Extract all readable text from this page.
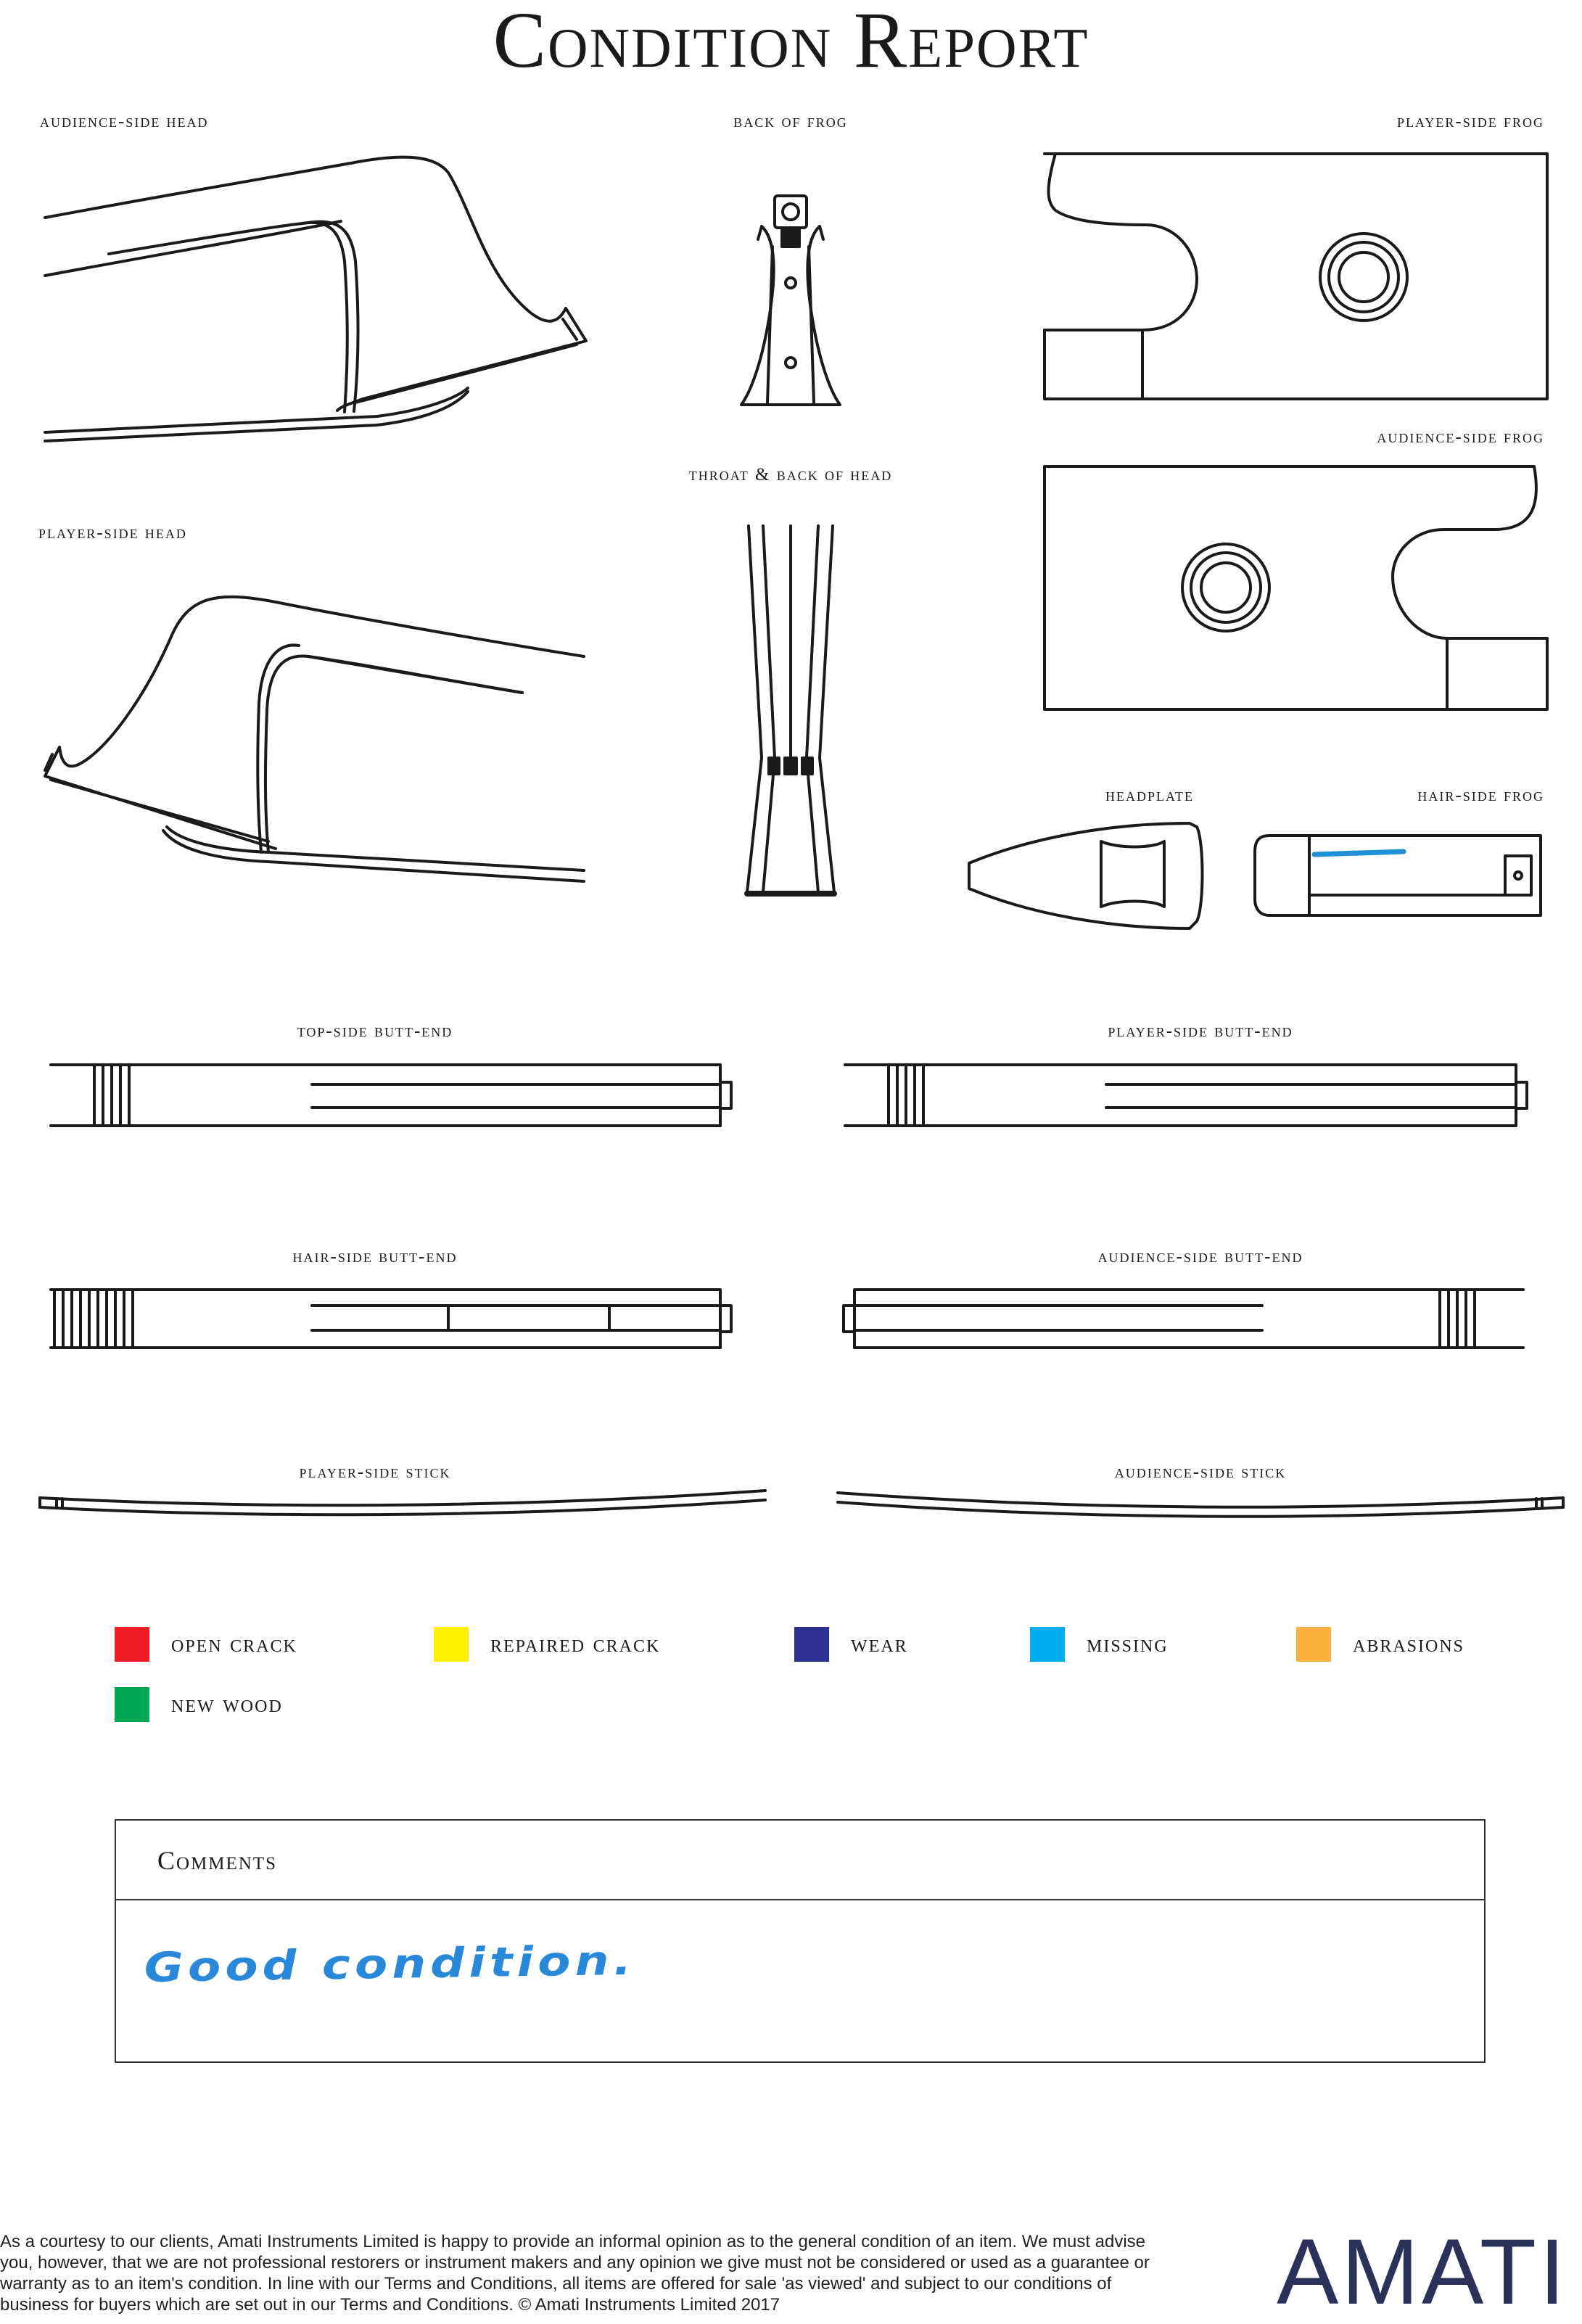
Condition Report
audience-side head	back of frog	player-side frog
throat & back of head
audience-side frog
player-side head
headplate	hair-side frog
top-side butt-end	player-side butt-end
hair-side butt-end	audience-side butt-end
player-side stick	audience-side stick
open crack	repaired crack	wear	missing	abrasions
new wood
Comments
Good condition.
As a courtesy to our clients, Amati Instruments Limited is happy to provide an informal opinion as to the general condition of an item. We must advise you, however, that we are not professional restorers or instrument makers and any opinion we give must not be considered or used as a guarantee or warranty as to an item's condition. In line with our Terms and Conditions, all items are offered for sale 'as viewed' and subject to our conditions of business for buyers which are set out in our Terms and Conditions. © Amati Instruments Limited 2017	AMATI
